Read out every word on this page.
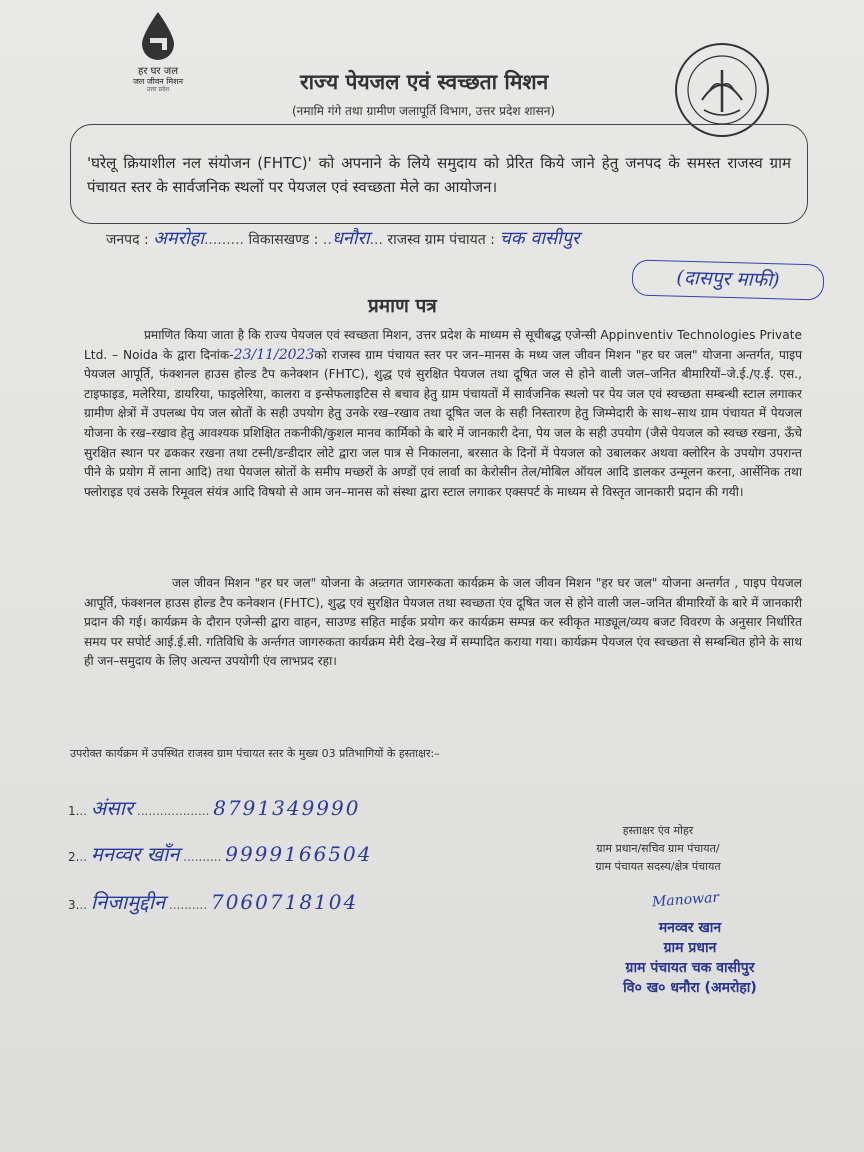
हर घर जल
जल जीवन मिशन
उत्तर प्रदेश	राज्य पेयजल एवं स्वच्छता मिशन
(नमामि गंगे तथा ग्रामीण जलापूर्ति विभाग, उत्तर प्रदेश शासन)

'घरेलू क्रियाशील नल संयोजन (FHTC)' को अपनाने के लिये समुदाय को प्रेरित किये जाने हेतु जनपद के समस्त राजस्व ग्राम पंचायत स्तर के सार्वजनिक स्थलों पर पेयजल एवं स्वच्छता मेले का आयोजन।

जनपद : अमरोहा......... विकासखण्ड : ..धनौरा... राजस्व ग्राम पंचायत : चक वासीपुर
(दासपुर माफी)
प्रमाण पत्र
प्रमाणित किया जाता है कि राज्य पेयजल एवं स्वच्छता मिशन, उत्तर प्रदेश के माध्यम से सूचीबद्ध एजेन्सी Appinventiv Technologies Private Ltd. – Noida के द्वारा दिनांक-23/11/2023को राजस्व ग्राम पंचायत स्तर पर जन–मानस के मध्य जल जीवन मिशन "हर घर जल" योजना अन्तर्गत, पाइप पेयजल आपूर्ति, फंक्शनल हाउस होल्ड टैप कनेक्शन (FHTC), शुद्ध एवं सुरक्षित पेयजल तथा दूषित जल से होने वाली जल–जनित बीमारियों–जे.ई./ए.ई. एस., टाइफाइड, मलेरिया, डायरिया, फाइलेरिया, कालरा व इन्सेफलाइटिस से बचाव हेतु ग्राम पंचायतों में सार्वजनिक स्थलो पर पेय जल एवं स्वच्छता सम्बन्धी स्टाल लगाकर ग्रामीण क्षेत्रों में उपलब्ध पेय जल स्रोतों के सही उपयोग हेतु उनके रख–रखाव तथा दूषित जल के सही निस्तारण हेतु जिम्मेदारी के साथ–साथ ग्राम पंचायत में पेयजल योजना के रख–रखाव हेतु आवश्यक प्रशिक्षित तकनीकी/कुशल मानव कार्मिको के बारे में जानकारी देना, पेय जल के सही उपयोग (जैसे पेयजल को स्वच्छ रखना, ऊँचे सुरक्षित स्थान पर ढककर रखना तथा टस्नी/डन्डीदार लोटे द्वारा जल पात्र से निकालना, बरसात के दिनों में पेयजल को उबालकर अथवा क्लोरिन के उपयोग उपरान्त पीने के प्रयोग में लाना आदि) तथा पेयजल स्रोतों के समीप मच्छरों के अण्डों एवं लार्वा का केरोसीन तेल/मोबिल ऑयल आदि डालकर उन्मूलन करना, आर्सेनिक तथा फ्लोराइड एवं उसके रिमूवल संयंत्र आदि विषयो से आम जन–मानस को संस्था द्वारा स्टाल लगाकर एक्सपर्ट के माध्यम से विस्तृत जानकारी प्रदान की गयी।
जल जीवन मिशन "हर घर जल" योजना के अन्र्तगत जागरुकता कार्यक्रम के जल जीवन मिशन "हर घर जल" योजना अन्तर्गत , पाइप पेयजल आपूर्ति, फंक्शनल हाउस होल्ड टैप कनेक्शन (FHTC), शुद्ध एवं सुरक्षित पेयजल तथा स्वच्छता एंव दूषित जल से होने वाली जल–जनित बीमारियों के बारे में जानकारी प्रदान की गई। कार्यक्रम के दौरान एजेन्सी द्वारा वाहन, साउण्ड सहित माईक प्रयोग कर कार्यक्रम सम्पन्न कर स्वीकृत माड्यूल/व्यय बजट विवरण के अनुसार निर्धारित समय पर सपोर्ट आई.ई.सी. गतिविधि के अर्न्तगत जागरुकता कार्यक्रम मेरी देख–रेख में सम्पादित कराया गया। कार्यक्रम पेयजल एंव स्वच्छता से सम्बन्धित होने के साथ ही जन–समुदाय के लिए अत्यन्त उपयोगी एंव लाभप्रद रहा।
उपरोक्त कार्यक्रम में उपस्थित राजस्व ग्राम पंचायत स्तर के मुख्य 03 प्रतिभागियों के हस्ताक्षर:–
1... अंसार ................... 8791349990
2... मनव्वर खाँन .......... 9999166504
3... निजामुद्दीन .......... 7060718104
हस्ताक्षर एंव मोहर
ग्राम प्रधान/सचिव ग्राम पंचायत/
ग्राम पंचायत सदस्य/क्षेत्र पंचायत
Manowar
मनव्वर खान
ग्राम प्रधान
ग्राम पंचायत चक वासीपुर
वि० ख० धनौरा (अमरोहा)
